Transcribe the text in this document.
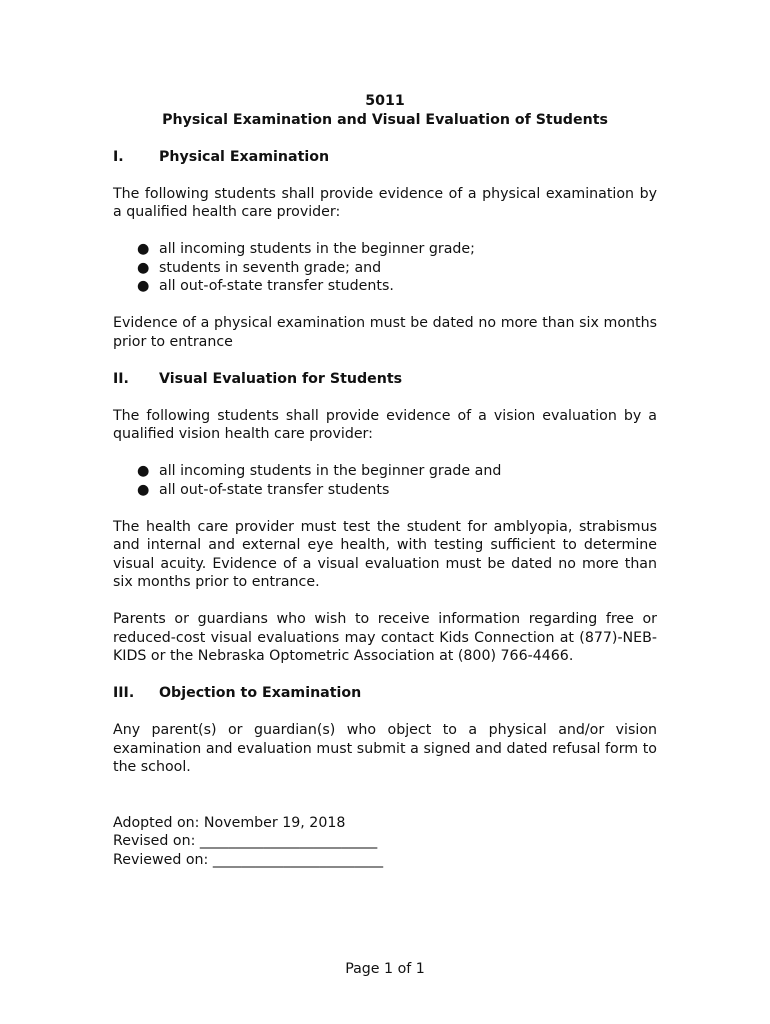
5011
Physical Examination and Visual Evaluation of Students
I.	Physical Examination

The following students shall provide evidence of a physical examination by a qualified health care provider:

● all incoming students in the beginner grade;
● students in seventh grade; and
● all out-of-state transfer students.

Evidence of a physical examination must be dated no more than six months prior to entrance

II.	Visual Evaluation for Students

The following students shall provide evidence of a vision evaluation by a qualified vision health care provider:

● all incoming students in the beginner grade and
● all out-of-state transfer students

The health care provider must test the student for amblyopia, strabismus and internal and external eye health, with testing sufficient to determine visual acuity. Evidence of a visual evaluation must be dated no more than six months prior to entrance.

Parents or guardians who wish to receive information regarding free or reduced-cost visual evaluations may contact Kids Connection at (877)-NEB-KIDS or the Nebraska Optometric Association at (800) 766-4466.

III.	Objection to Examination

Any parent(s) or guardian(s) who object to a physical and/or vision examination and evaluation must submit a signed and dated refusal form to the school.

Adopted on: November 19, 2018
Revised on: _________________________
Reviewed on: ________________________
Page 1 of 1
